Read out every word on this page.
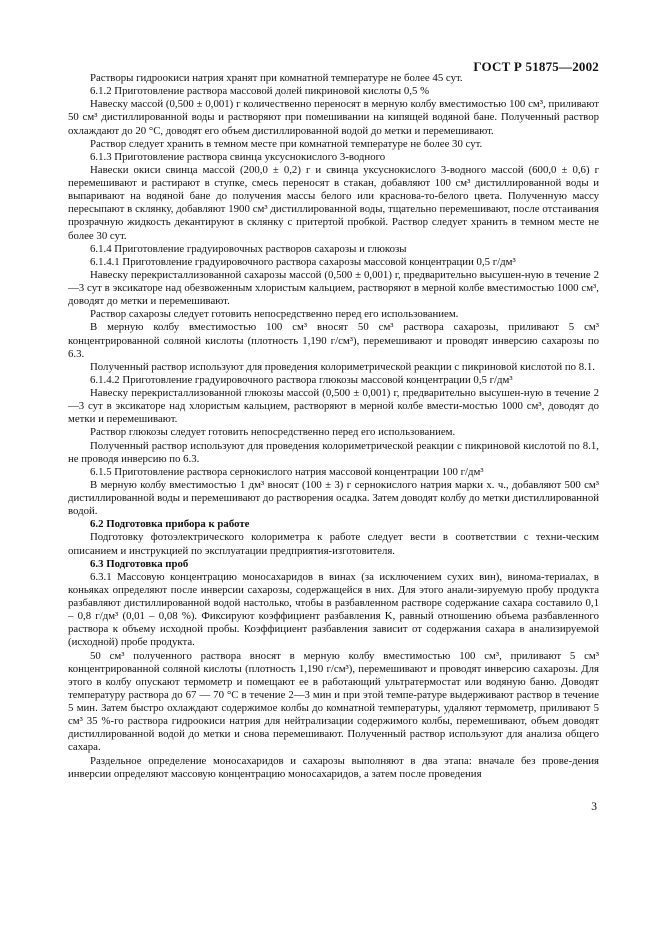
ГОСТ Р 51875—2002

Растворы гидроокиси натрия хранят при комнатной температуре не более 45 сут.

6.1.2 Приготовление раствора массовой долей пикриновой кислоты 0,5 %

Навеску массой (0,500 ± 0,001) г количественно переносят в мерную колбу вместимостью 100 см³, приливают 50 см³ дистиллированной воды и растворяют при помешивании на кипящей водяной бане. Полученный раствор охлаждают до 20 °С, доводят его объем дистиллированной водой до метки и перемешивают.

Раствор следует хранить в темном месте при комнатной температуре не более 30 сут.

6.1.3 Приготовление раствора свинца уксуснокислого 3-водного

Навески окиси свинца массой (200,0 ± 0,2) г и свинца уксуснокислого 3-водного массой (600,0 ± 0,6) г перемешивают и растирают в ступке, смесь переносят в стакан, добавляют 100 см³ дистиллированной воды и выпаривают на водяной бане до получения массы белого или краснова-то-белого цвета. Полученную массу пересыпают в склянку, добавляют 1900 см³ дистиллированной воды, тщательно перемешивают, после отстаивания прозрачную жидкость декантируют в склянку с притертой пробкой. Раствор следует хранить в темном месте не более 30 сут.

6.1.4 Приготовление градуировочных растворов сахарозы и глюкозы

6.1.4.1 Приготовление градуировочного раствора сахарозы массовой концентрации 0,5 г/дм³

Навеску перекристаллизованной сахарозы массой (0,500 ± 0,001) г, предварительно высушен-ную в течение 2—3 сут в эксикаторе над обезвоженным хлористым кальцием, растворяют в мерной колбе вместимостью 1000 см³, доводят до метки и перемешивают.

Раствор сахарозы следует готовить непосредственно перед его использованием.

В мерную колбу вместимостью 100 см³ вносят 50 см³ раствора сахарозы, приливают 5 см³ концентрированной соляной кислоты (плотность 1,190 г/см³), перемешивают и проводят инверсию сахарозы по 6.3.

Полученный раствор используют для проведения колориметрической реакции с пикриновой кислотой по 8.1.

6.1.4.2 Приготовление градуировочного раствора глюкозы массовой концентрации 0,5 г/дм³

Навеску перекристаллизованной глюкозы массой (0,500 ± 0,001) г, предварительно высушен-ную в течение 2—3 сут в эксикаторе над хлористым кальцием, растворяют в мерной колбе вмести-мостью 1000 см³, доводят до метки и перемешивают.

Раствор глюкозы следует готовить непосредственно перед его использованием.

Полученный раствор используют для проведения колориметрической реакции с пикриновой кислотой по 8.1, не проводя инверсию по 6.3.

6.1.5 Приготовление раствора сернокислого натрия массовой концентрации 100 г/дм³

В мерную колбу вместимостью 1 дм³ вносят (100 ± 3) г сернокислого натрия марки х. ч., добавляют 500 см³ дистиллированной воды и перемешивают до растворения осадка. Затем доводят колбу до метки дистиллированной водой.

6.2 Подготовка прибора к работе

Подготовку фотоэлектрического колориметра к работе следует вести в соответствии с техни-ческим описанием и инструкцией по эксплуатации предприятия-изготовителя.

6.3 Подготовка проб

6.3.1 Массовую концентрацию моносахаридов в винах (за исключением сухих вин), виномa-териалах, в коньяках определяют после инверсии сахарозы, содержащейся в них. Для этого анали-зируемую пробу продукта разбавляют дистиллированной водой настолько, чтобы в разбавленном растворе содержание сахара составило 0,1 – 0,8 г/дм³ (0,01 – 0,08 %). Фиксируют коэффициент разбавления K, равный отношению объема разбавленного раствора к объему исходной пробы. Коэффициент разбавления зависит от содержания сахара в анализируемой (исходной) пробе продукта.

50 см³ полученного раствора вносят в мерную колбу вместимостью 100 см³, приливают 5 см³ концентрированной соляной кислоты (плотность 1,190 г/см³), перемешивают и проводят инверсию сахарозы. Для этого в колбу опускают термометр и помещают ее в работающий ультратермостат или водяную баню. Доводят температуру раствора до 67 — 70 °С в течение 2—3 мин и при этой темпе-ратуре выдерживают раствор в течение 5 мин. Затем быстро охлаждают содержимое колбы до комнатной температуры, удаляют термометр, приливают 5 см³ 35 %-го раствора гидроокиси натрия для нейтрализации содержимого колбы, перемешивают, объем доводят дистиллированной водой до метки и снова перемешивают. Полученный раствор используют для анализа общего сахара.

Раздельное определение моносахаридов и сахарозы выполняют в два этапа: вначале без прове-дения инверсии определяют массовую концентрацию моносахаридов, а затем после проведения

3
